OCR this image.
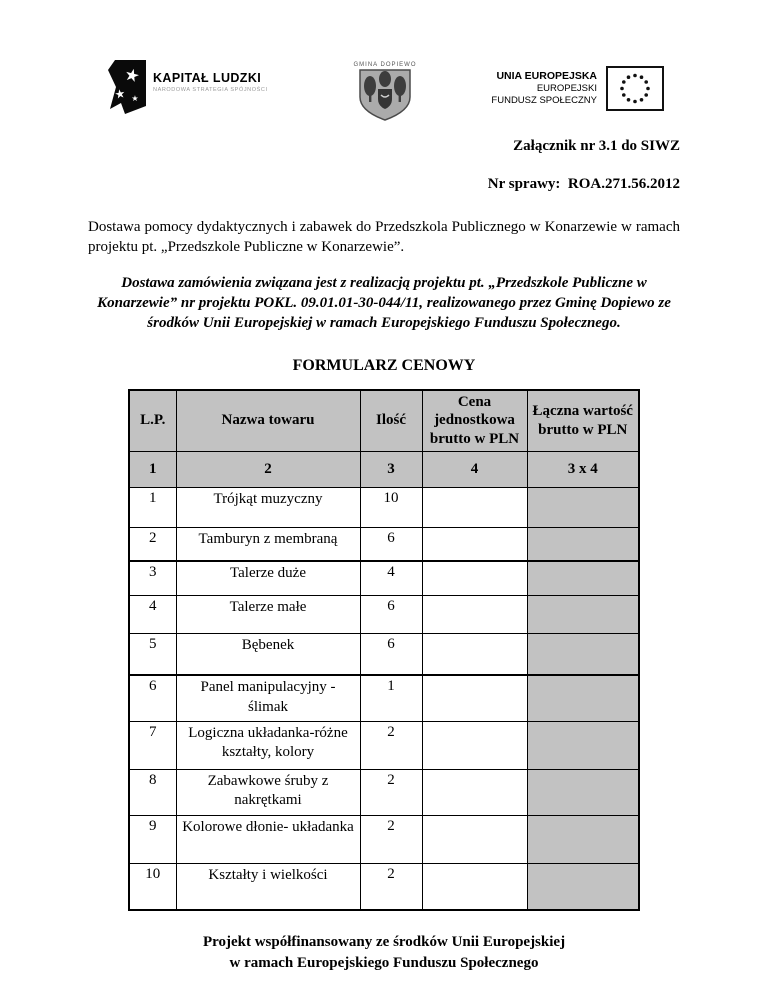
★
★ ★
KAPITAŁ LUDZKI
NARODOWA STRATEGIA SPÓJNOŚCI
GMINA DOPIEWO
UNIA EUROPEJSKA
EUROPEJSKI
FUNDUSZ SPOŁECZNY
Załącznik nr 3.1 do SIWZ
Nr sprawy:  ROA.271.56.2012

Dostawa pomocy dydaktycznych i zabawek do Przedszkola Publicznego w Konarzewie w ramach projektu pt. „Przedszkole Publiczne w Konarzewie”.

Dostawa zamówienia związana jest z realizacją projektu pt. „Przedszkole Publiczne w Konarzewie” nr projektu POKL. 09.01.01-30-044/11, realizowanego przez Gminę Dopiewo ze środków Unii Europejskiej w ramach Europejskiego Funduszu Społecznego.

FORMULARZ CENOWY
L.P.	Nazwa towaru	Ilość	Cena jednostkowa brutto w PLN	Łączna wartość brutto w PLN
1	2	3	4	3 x 4
1	Trójkąt muzyczny	10		
2	Tamburyn z membraną	6		
3	Talerze duże	4		
4	Talerze małe	6		
5	Bębenek	6		
6	Panel manipulacyjny - ślimak	1		
7	Logiczna układanka-różne kształty, kolory	2		
8	Zabawkowe śruby z nakrętkami	2		
9	Kolorowe dłonie- układanka	2		
10	Kształty i wielkości	2		
Projekt współfinansowany ze środków Unii Europejskiej
w ramach Europejskiego Funduszu Społecznego
